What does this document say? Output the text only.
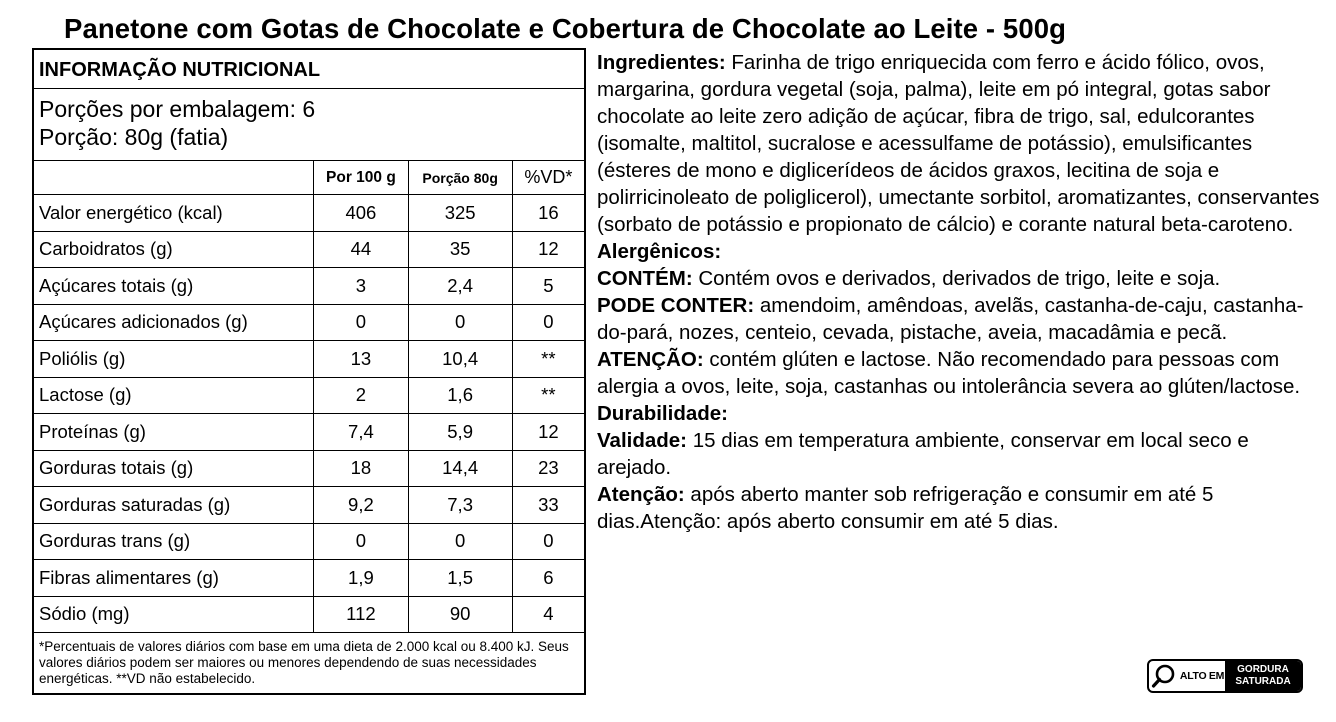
Panetone com Gotas de Chocolate e Cobertura de Chocolate ao Leite - 500g
INFORMAÇÃO NUTRICIONAL
Porções por embalagem: 6
Porção: 80g (fatia)
	Por 100 g	Porção 80g	%VD*
Valor energético (kcal)	406	325	16
Carboidratos (g)	44	35	12
Açúcares totais (g)	3	2,4	5
Açúcares adicionados (g)	0	0	0
Poliólis (g)	13	10,4	**
Lactose (g)	2	1,6	**
Proteínas (g)	7,4	5,9	12
Gorduras totais (g)	18	14,4	23
Gorduras saturadas (g)	9,2	7,3	33
Gorduras trans (g)	0	0	0
Fibras alimentares (g)	1,9	1,5	6
Sódio (mg)	112	90	4
*Percentuais de valores diários com base em uma dieta de 2.000 kcal ou 8.400 kJ. Seus valores diários podem ser maiores ou menores dependendo de suas necessidades energéticas. **VD não estabelecido.

Ingredientes: Farinha de trigo enriquecida com ferro e ácido fólico, ovos, margarina, gordura vegetal (soja, palma), leite em pó integral, gotas sabor chocolate ao leite zero adição de açúcar, fibra de trigo, sal, edulcorantes (isomalte, maltitol, sucralose e acessulfame de potássio), emulsificantes (ésteres de mono e diglicerídeos de ácidos graxos, lecitina de soja e polirricinoleato de poliglicerol), umectante sorbitol, aromatizantes, conservantes (sorbato de potássio e propionato de cálcio) e corante natural beta-caroteno.

Alergênicos:

CONTÉM: Contém ovos e derivados, derivados de trigo, leite e soja.

PODE CONTER: amendoim, amêndoas, avelãs, castanha-de-caju, castanha-do-pará, nozes, centeio, cevada, pistache, aveia, macadâmia e pecã.

ATENÇÃO: contém glúten e lactose. Não recomendado para pessoas com alergia a ovos, leite, soja, castanhas ou intolerância severa ao glúten/lactose.

Durabilidade:

Validade: 15 dias em temperatura ambiente, conservar em local seco e arejado.

Atenção: após aberto manter sob refrigeração e consumir em até 5 dias.Atenção: após aberto consumir em até 5 dias.

ALTO EM
GORDURA
SATURADA
